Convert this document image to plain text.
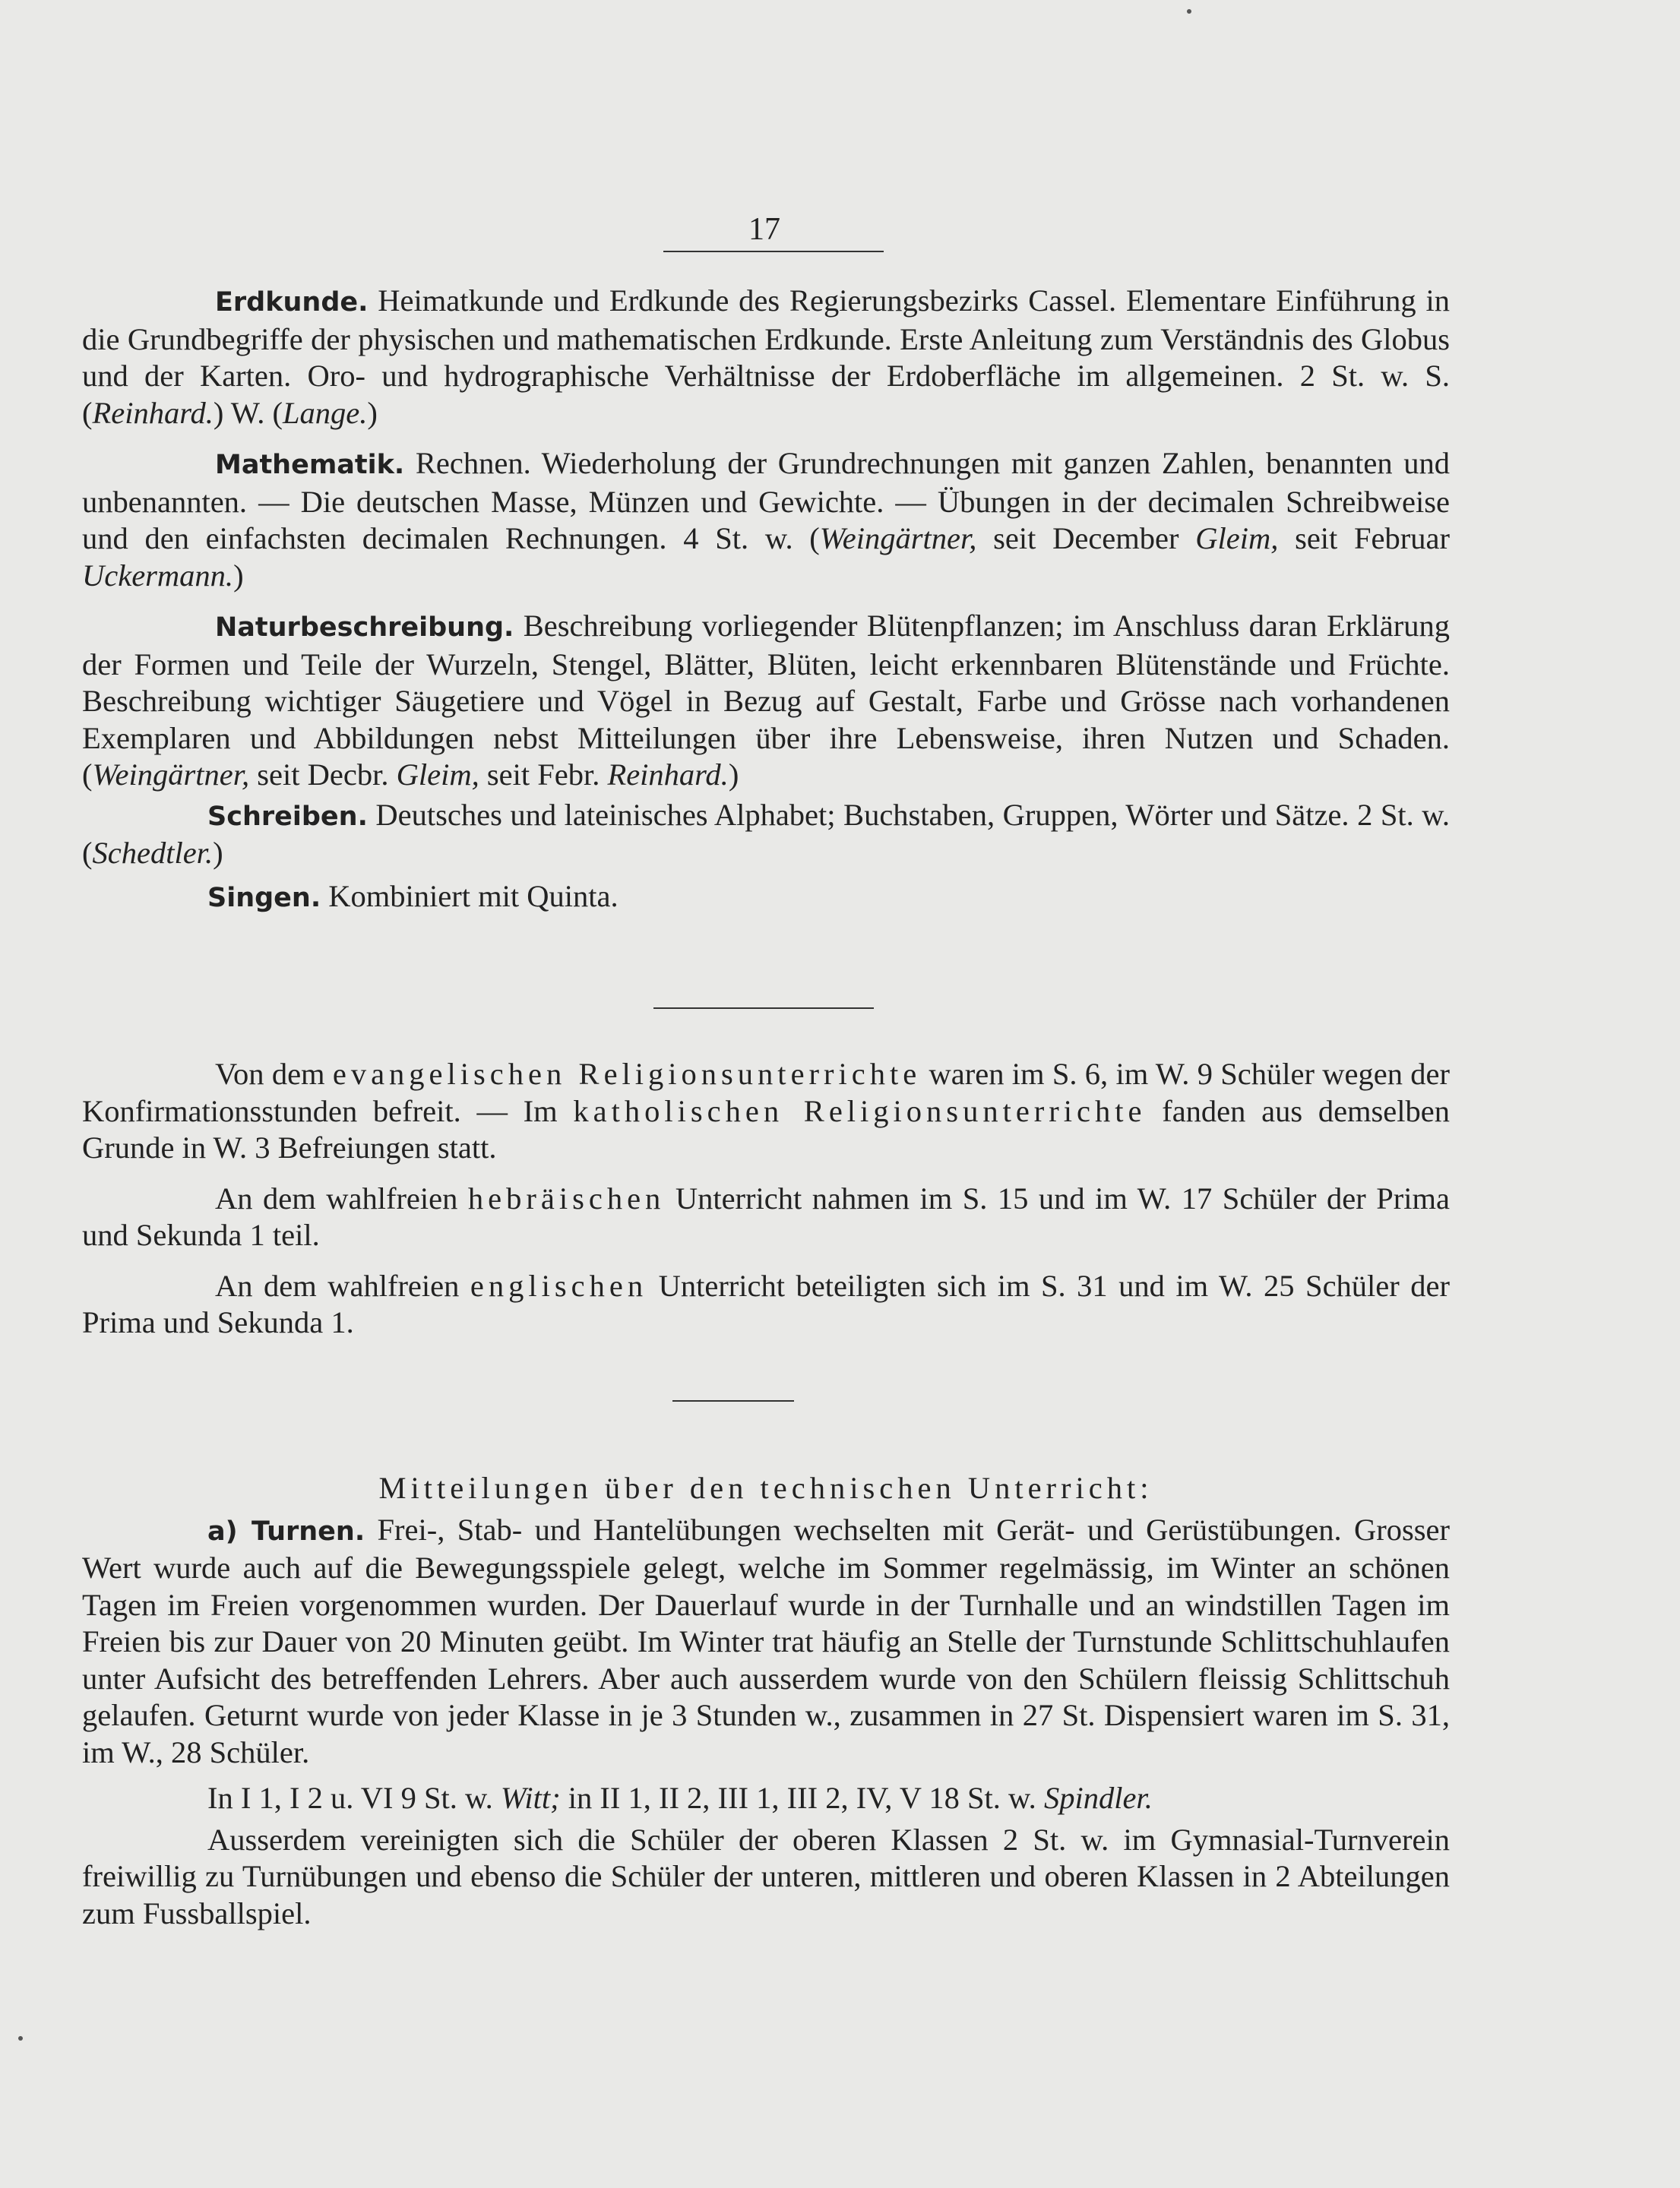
17

Erdkunde. Heimatkunde und Erdkunde des Regierungsbezirks Cassel. Elementare Einführung in die Grundbegriffe der physischen und mathematischen Erdkunde. Erste Anleitung zum Verständnis des Globus und der Karten. Oro- und hydrographische Verhältnisse der Erdoberfläche im allgemeinen. 2 St. w. S. (Reinhard.) W. (Lange.)

Mathematik. Rechnen. Wiederholung der Grundrechnungen mit ganzen Zahlen, benannten und unbenannten. — Die deutschen Masse, Münzen und Gewichte. — Übungen in der decimalen Schreibweise und den einfachsten decimalen Rechnungen. 4 St. w. (Weingärtner, seit December Gleim, seit Februar Uckermann.)

Naturbeschreibung. Beschreibung vorliegender Blütenpflanzen; im Anschluss daran Erklärung der Formen und Teile der Wurzeln, Stengel, Blätter, Blüten, leicht erkennbaren Blütenstände und Früchte. Beschreibung wichtiger Säugetiere und Vögel in Bezug auf Gestalt, Farbe und Grösse nach vorhandenen Exemplaren und Abbildungen nebst Mitteilungen über ihre Lebensweise, ihren Nutzen und Schaden. (Weingärtner, seit Decbr. Gleim, seit Febr. Reinhard.)

Schreiben. Deutsches und lateinisches Alphabet; Buchstaben, Gruppen, Wörter und Sätze. 2 St. w. (Schedtler.)

Singen. Kombiniert mit Quinta.

Von dem evangelischen Religionsunterrichte waren im S. 6, im W. 9 Schüler wegen der Konfirmationsstunden befreit. — Im katholischen Religionsunterrichte fanden aus demselben Grunde in W. 3 Befreiungen statt.

An dem wahlfreien hebräischen Unterricht nahmen im S. 15 und im W. 17 Schüler der Prima und Sekunda 1 teil.

An dem wahlfreien englischen Unterricht beteiligten sich im S. 31 und im W. 25 Schüler der Prima und Sekunda 1.

Mitteilungen über den technischen Unterricht:

a) Turnen. Frei-, Stab- und Hantelübungen wechselten mit Gerät- und Gerüstübungen. Grosser Wert wurde auch auf die Bewegungsspiele gelegt, welche im Sommer regelmässig, im Winter an schönen Tagen im Freien vorgenommen wurden. Der Dauerlauf wurde in der Turnhalle und an windstillen Tagen im Freien bis zur Dauer von 20 Minuten geübt. Im Winter trat häufig an Stelle der Turnstunde Schlittschuhlaufen unter Aufsicht des betreffenden Lehrers. Aber auch ausserdem wurde von den Schülern fleissig Schlittschuh gelaufen. Geturnt wurde von jeder Klasse in je 3 Stunden w., zusammen in 27 St. Dispensiert waren im S. 31, im W., 28 Schüler.

In I 1, I 2 u. VI 9 St. w. Witt; in II 1, II 2, III 1, III 2, IV, V 18 St. w. Spindler.

Ausserdem vereinigten sich die Schüler der oberen Klassen 2 St. w. im Gymnasial-Turnverein freiwillig zu Turnübungen und ebenso die Schüler der unteren, mittleren und oberen Klassen in 2 Abteilungen zum Fussballspiel.
